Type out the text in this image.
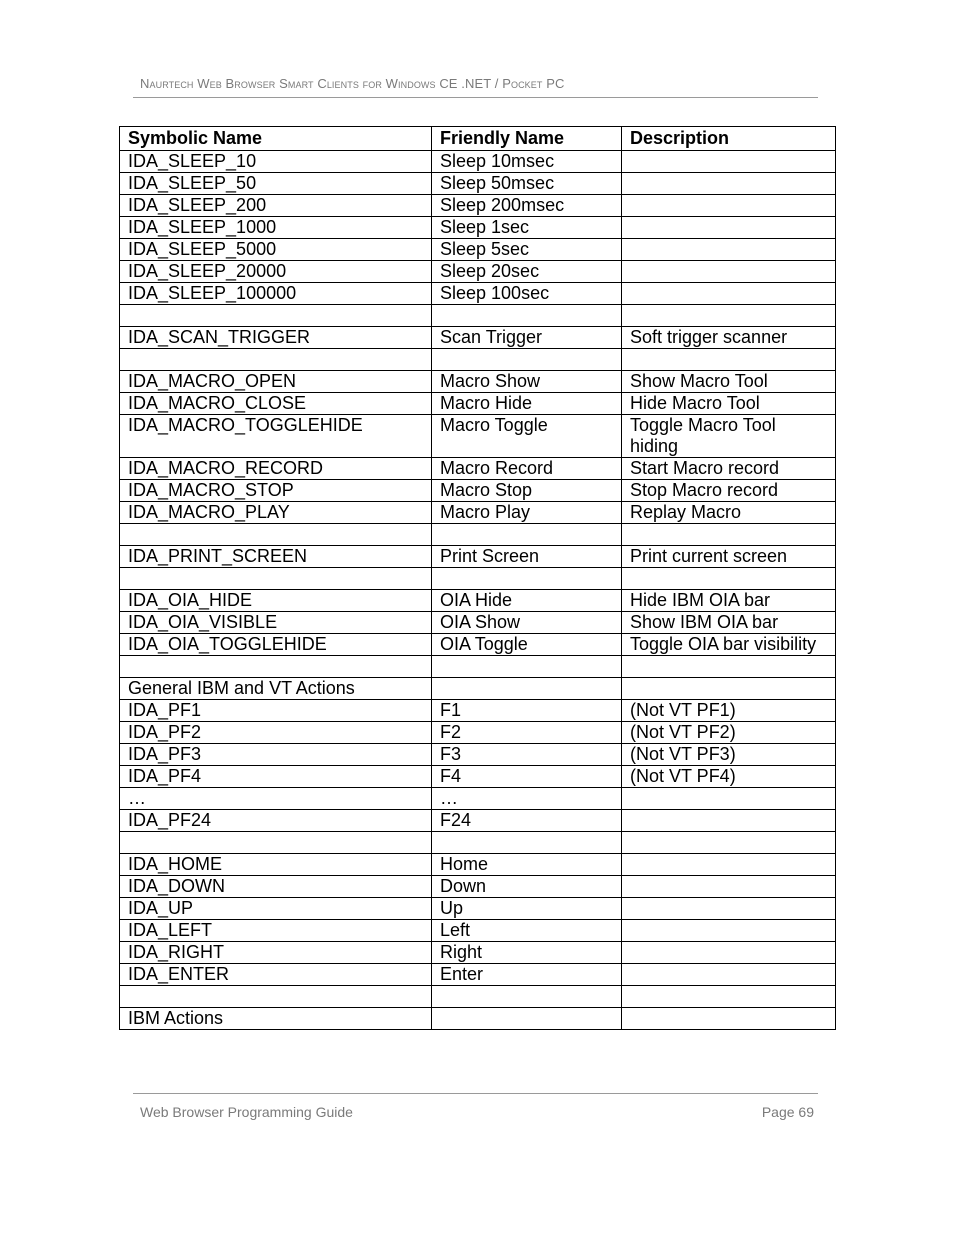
Naurtech Web Browser Smart Clients for Windows CE .NET / Pocket PC
Symbolic Name	Friendly Name	Description
IDA_SLEEP_10	Sleep 10msec	
IDA_SLEEP_50	Sleep 50msec	
IDA_SLEEP_200	Sleep 200msec	
IDA_SLEEP_1000	Sleep 1sec	
IDA_SLEEP_5000	Sleep 5sec	
IDA_SLEEP_20000	Sleep 20sec	
IDA_SLEEP_100000	Sleep 100sec	

IDA_SCAN_TRIGGER	Scan Trigger	Soft trigger scanner

IDA_MACRO_OPEN	Macro Show	Show Macro Tool
IDA_MACRO_CLOSE	Macro Hide	Hide Macro Tool
IDA_MACRO_TOGGLEHIDE	Macro Toggle	Toggle Macro Tool hiding
IDA_MACRO_RECORD	Macro Record	Start Macro record
IDA_MACRO_STOP	Macro Stop	Stop Macro record
IDA_MACRO_PLAY	Macro Play	Replay Macro

IDA_PRINT_SCREEN	Print Screen	Print current screen

IDA_OIA_HIDE	OIA Hide	Hide IBM OIA bar
IDA_OIA_VISIBLE	OIA Show	Show IBM OIA bar
IDA_OIA_TOGGLEHIDE	OIA Toggle	Toggle OIA bar visibility

General IBM and VT Actions		
IDA_PF1	F1	(Not VT PF1)
IDA_PF2	F2	(Not VT PF2)
IDA_PF3	F3	(Not VT PF3)
IDA_PF4	F4	(Not VT PF4)
…	…	
IDA_PF24	F24	

IDA_HOME	Home	
IDA_DOWN	Down	
IDA_UP	Up	
IDA_LEFT	Left	
IDA_RIGHT	Right	
IDA_ENTER	Enter	

IBM Actions		
Web Browser Programming Guide	Page 69
